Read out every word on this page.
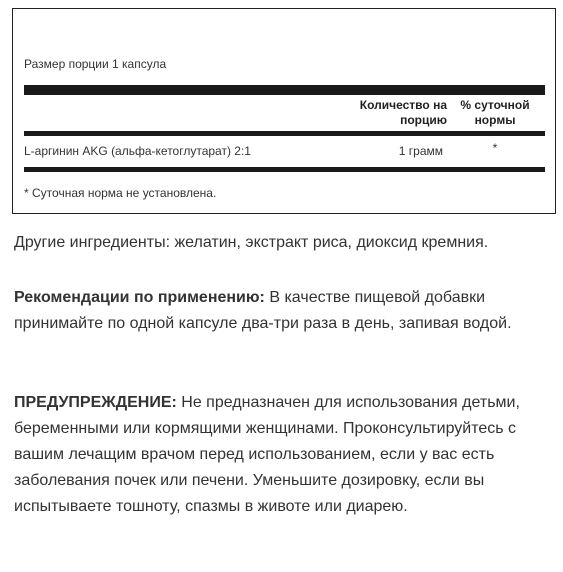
Размер порции 1 капсула
Количество на
порцию
% суточной
нормы
L-аргинин AKG (альфа-кетоглутарат) 2:1	1 грамм	*
* Суточная норма не установлена.
Другие ингредиенты: желатин, экстракт риса, диоксид кремния.
Рекомендации по применению: В качестве пищевой добавки принимайте по одной капсуле два-три раза в день, запивая водой.
ПРЕДУПРЕЖДЕНИЕ: Не предназначен для использования детьми, беременными или кормящими женщинами. Проконсультируйтесь с вашим лечащим врачом перед использованием, если у вас есть заболевания почек или печени. Уменьшите дозировку, если вы испытываете тошноту, спазмы в животе или диарею.
